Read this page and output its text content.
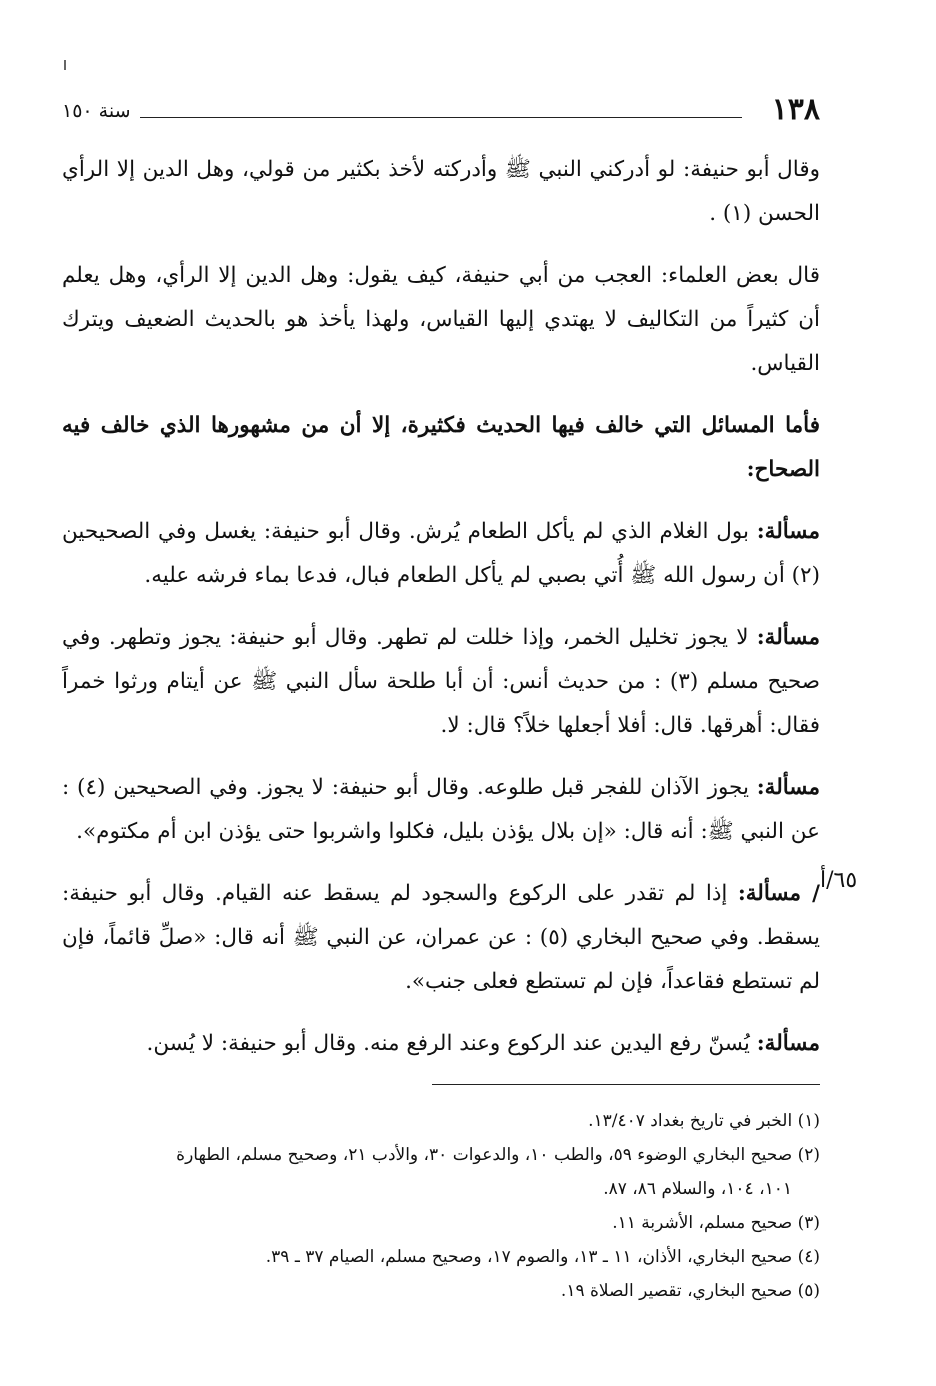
١٣٨
سنة ١٥٠

وقال أبو حنيفة: لو أدركني النبي ﷺ وأدركته لأخذ بكثير من قولي، وهل الدين إلا الرأي الحسن (١) .

قال بعض العلماء: العجب من أبي حنيفة، كيف يقول: وهل الدين إلا الرأي، وهل يعلم أن كثيراً من التكاليف لا يهتدي إليها القياس، ولهذا يأخذ هو بالحديث الضعيف ويترك القياس.

فأما المسائل التي خالف فيها الحديث فكثيرة، إلا أن من مشهورها الذي خالف فيه الصحاح:

مسألة: بول الغلام الذي لم يأكل الطعام يُرش. وقال أبو حنيفة: يغسل وفي الصحيحين (٢) أن رسول الله ﷺ أُتي بصبي لم يأكل الطعام فبال، فدعا بماء فرشه عليه.

مسألة: لا يجوز تخليل الخمر، وإذا خللت لم تطهر. وقال أبو حنيفة: يجوز وتطهر. وفي صحيح مسلم (٣) : من حديث أنس: أن أبا طلحة سأل النبي ﷺ عن أيتام ورثوا خمراً فقال: أهرقها. قال: أفلا أجعلها خلاً؟ قال: لا.

مسألة: يجوز الآذان للفجر قبل طلوعه. وقال أبو حنيفة: لا يجوز. وفي الصحيحين (٤) : عن النبي ﷺ: أنه قال: «إن بلال يؤذن بليل، فكلوا واشربوا حتى يؤذن ابن أم مكتوم».

/ مسألة: إذا لم تقدر على الركوع والسجود لم يسقط عنه القيام. وقال أبو حنيفة: يسقط. وفي صحيح البخاري (٥) : عن عمران، عن النبي ﷺ أنه قال: «صلِّ قائماً، فإن لم تستطع فقاعداً، فإن لم تستطع فعلى جنب».

مسألة: يُسنّ رفع اليدين عند الركوع وعند الرفع منه. وقال أبو حنيفة: لا يُسن.

٦٥/أ

(١) الخبر في تاريخ بغداد ١٣/٤٠٧.

(٢) صحيح البخاري الوضوء ٥٩، والطب ١٠، والدعوات ٣٠، والأدب ٢١، وصحيح مسلم، الطهارة

١٠١، ١٠٤، والسلام ٨٦، ٨٧.

(٣) صحيح مسلم، الأشربة ١١.

(٤) صحيح البخاري، الأذان، ١١ ـ ١٣، والصوم ١٧، وصحيح مسلم، الصيام ٣٧ ـ ٣٩.

(٥) صحيح البخاري، تقصير الصلاة ١٩.
